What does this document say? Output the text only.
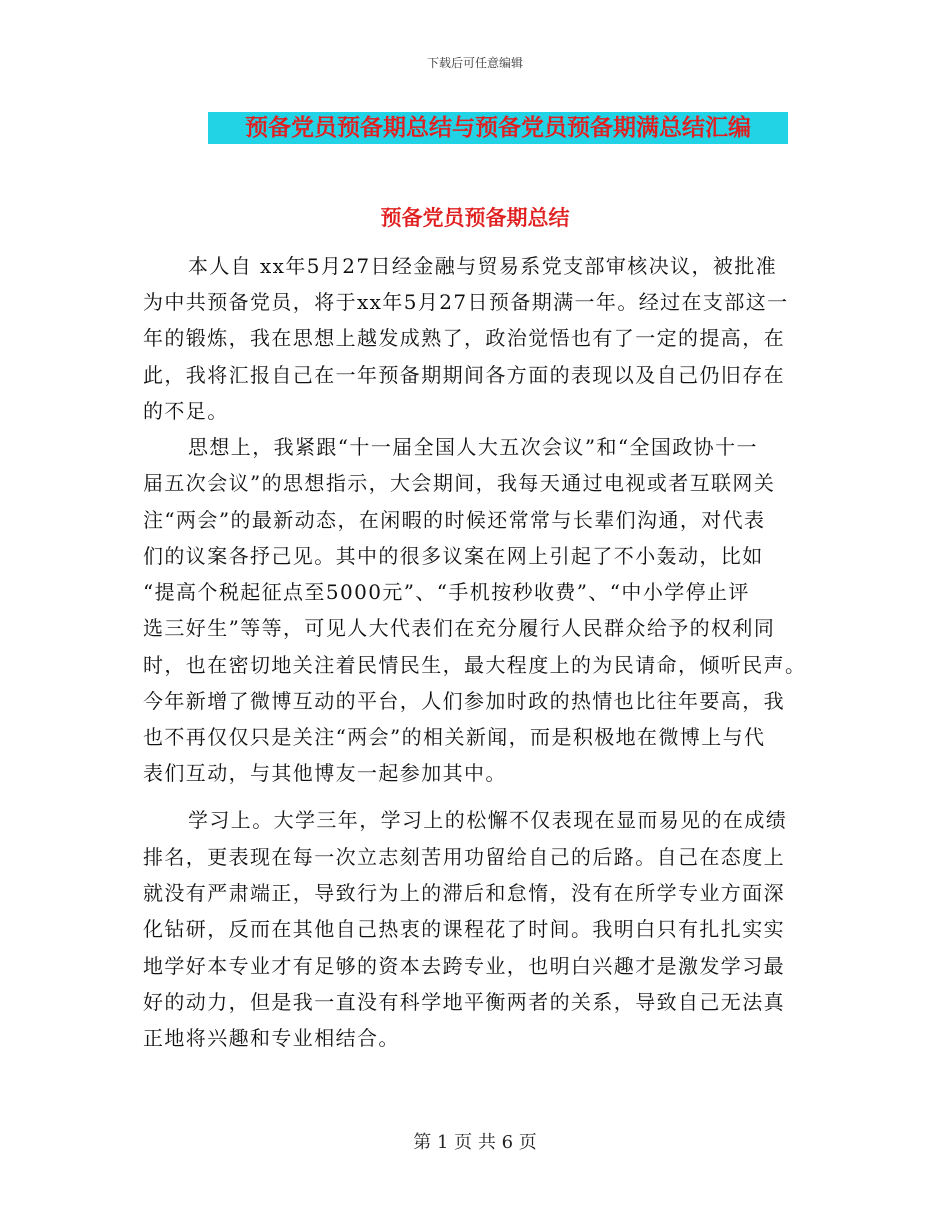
下载后可任意编辑
预备党员预备期总结与预备党员预备期满总结汇编
预备党员预备期总结
本人自 xx年5月27日经金融与贸易系党支部审核决议，被批准
为中共预备党员，将于xx年5月27日预备期满一年。经过在支部这一
年的锻炼，我在思想上越发成熟了，政治觉悟也有了一定的提高，在
此，我将汇报自己在一年预备期期间各方面的表现以及自己仍旧存在
的不足。
思想上，我紧跟“十一届全国人大五次会议”和“全国政协十一
届五次会议”的思想指示，大会期间，我每天通过电视或者互联网关
注“两会”的最新动态，在闲暇的时候还常常与长辈们沟通，对代表
们的议案各抒己见。其中的很多议案在网上引起了不小轰动，比如
“提高个税起征点至5000元”、“手机按秒收费”、“中小学停止评
选三好生”等等，可见人大代表们在充分履行人民群众给予的权利同
时，也在密切地关注着民情民生，最大程度上的为民请命，倾听民声。
今年新增了微博互动的平台，人们参加时政的热情也比往年要高，我
也不再仅仅只是关注“两会”的相关新闻，而是积极地在微博上与代
表们互动，与其他博友一起参加其中。
学习上。大学三年，学习上的松懈不仅表现在显而易见的在成绩
排名，更表现在每一次立志刻苦用功留给自己的后路。自己在态度上
就没有严肃端正，导致行为上的滞后和怠惰，没有在所学专业方面深
化钻研，反而在其他自己热衷的课程花了时间。我明白只有扎扎实实
地学好本专业才有足够的资本去跨专业，也明白兴趣才是激发学习最
好的动力，但是我一直没有科学地平衡两者的关系，导致自己无法真
正地将兴趣和专业相结合。
第 1 页 共 6 页
